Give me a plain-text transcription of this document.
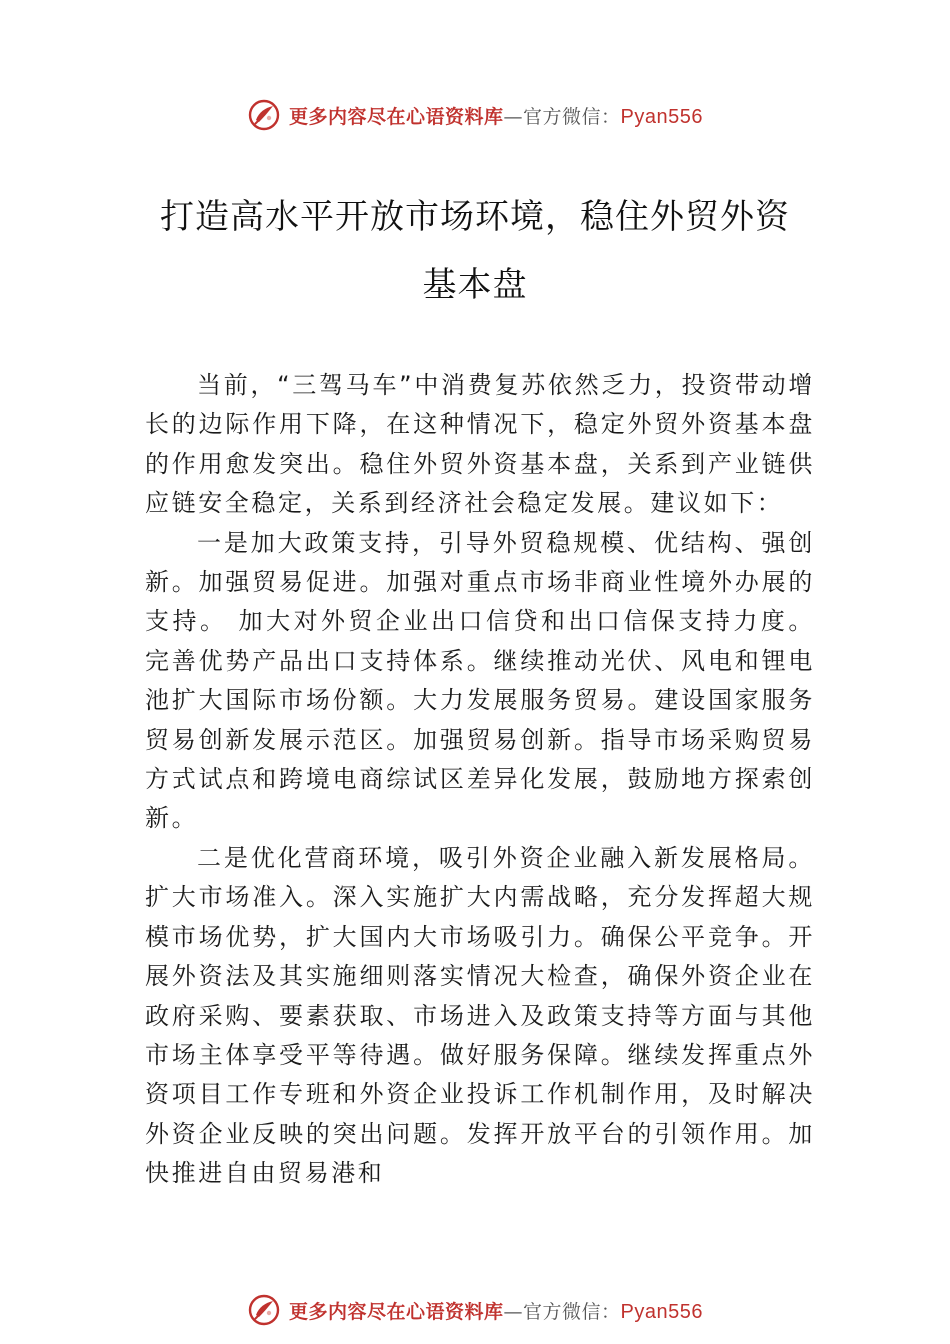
更多内容尽在心语资料库—官方微信：Pyan556
打造高水平开放市场环境，稳住外贸外资
基本盘

当前，“三驾马车”中消费复苏依然乏力，投资带动增长的边际作用下降，在这种情况下，稳定外贸外资基本盘的作用愈发突出。稳住外贸外资基本盘，关系到产业链供应链安全稳定，关系到经济社会稳定发展。建议如下：

一是加大政策支持，引导外贸稳规模、优结构、强创新。加强贸易促进。加强对重点市场非商业性境外办展的支持。 加大对外贸企业出口信贷和出口信保支持力度。完善优势产品出口支持体系。继续推动光伏、风电和锂电池扩大国际市场份额。大力发展服务贸易。建设国家服务贸易创新发展示范区。加强贸易创新。指导市场采购贸易方式试点和跨境电商综试区差异化发展，鼓励地方探索创新。

二是优化营商环境，吸引外资企业融入新发展格局。扩大市场准入。深入实施扩大内需战略，充分发挥超大规模市场优势，扩大国内大市场吸引力。确保公平竞争。开展外资法及其实施细则落实情况大检查，确保外资企业在政府采购、要素获取、市场进入及政策支持等方面与其他市场主体享受平等待遇。做好服务保障。继续发挥重点外资项目工作专班和外资企业投诉工作机制作用，及时解决外资企业反映的突出问题。发挥开放平台的引领作用。加快推进自由贸易港和

更多内容尽在心语资料库—官方微信：Pyan556
